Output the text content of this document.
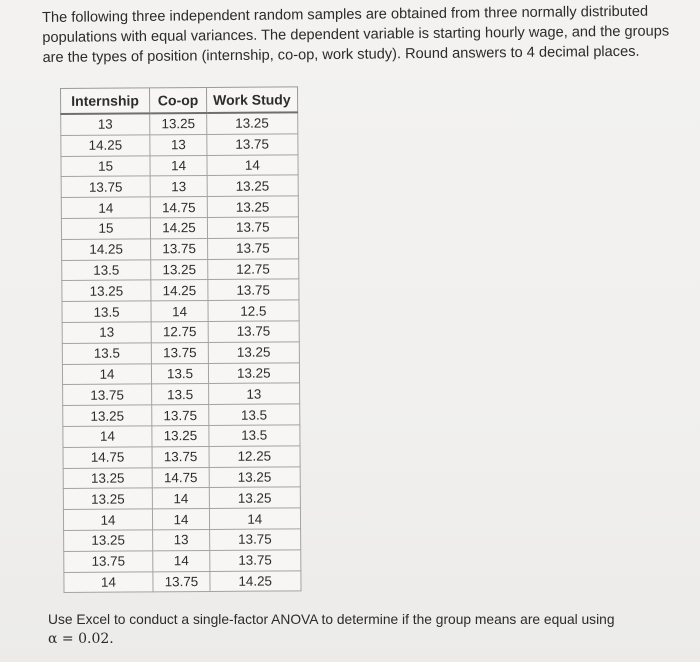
The following three independent random samples are obtained from three normally distributed populations with equal variances. The dependent variable is starting hourly wage, and the groups are the types of position (internship, co-op, work study). Round answers to 4 decimal places.

Internship	Co-op	Work Study
13	13.25	13.25
14.25	13	13.75
15	14	14
13.75	13	13.25
14	14.75	13.25
15	14.25	13.75
14.25	13.75	13.75
13.5	13.25	12.75
13.25	14.25	13.75
13.5	14	12.5
13	12.75	13.75
13.5	13.75	13.25
14	13.5	13.25
13.75	13.5	13
13.25	13.75	13.5
14	13.25	13.5
14.75	13.75	12.25
13.25	14.75	13.25
13.25	14	13.25
14	14	14
13.25	13	13.75
13.75	14	13.75
14	13.75	14.25

Use Excel to conduct a single-factor ANOVA to determine if the group means are equal using
α = 0.02.
